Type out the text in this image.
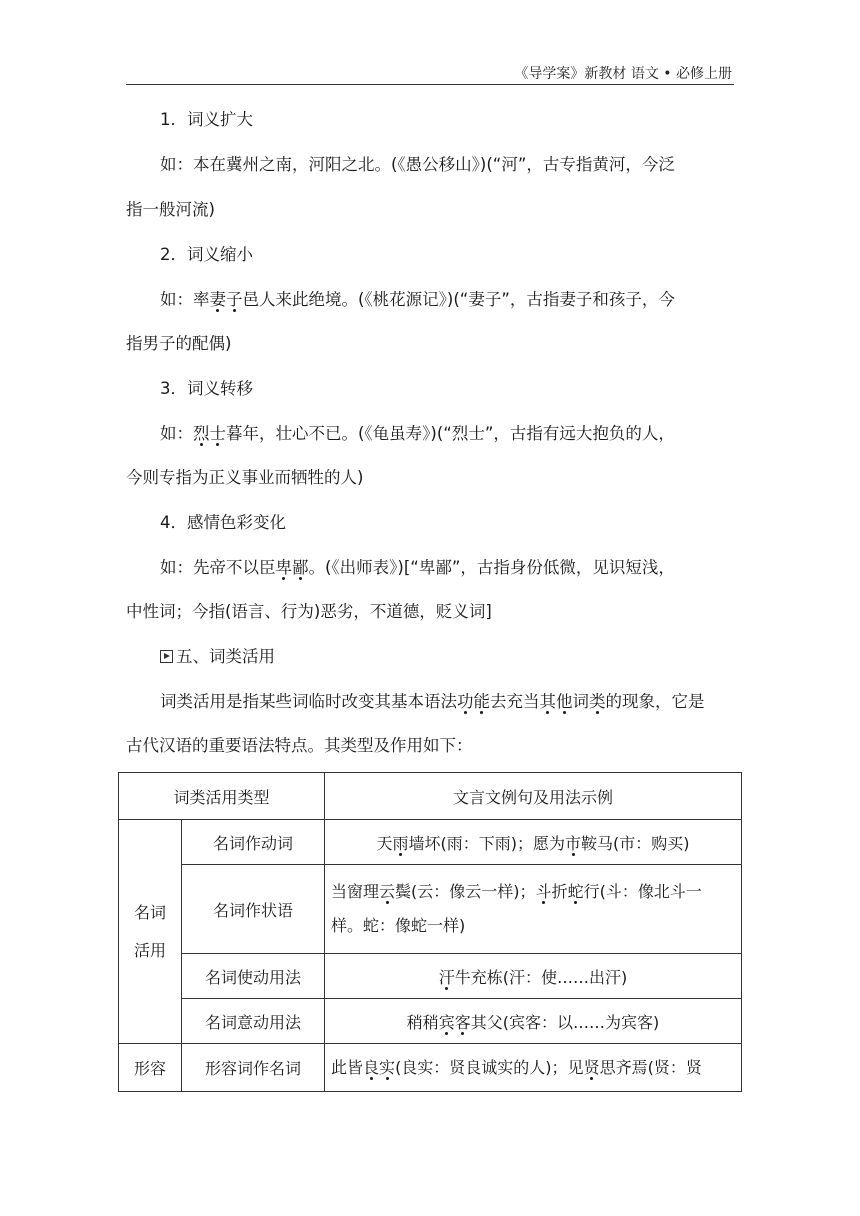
《导学案》新教材 语文 • 必修上册
1．词义扩大
如：本在冀州之南，河阳之北。(《愚公移山》)(“河”，古专指黄河，今泛
指一般河流)
2．词义缩小
如：率妻子邑人来此绝境。(《桃花源记》)(“妻子”，古指妻子和孩子，今
指男子的配偶)
3．词义转移
如：烈士暮年，壮心不已。(《龟虽寿》)(“烈士”，古指有远大抱负的人，
今则专指为正义事业而牺牲的人)
4．感情色彩变化
如：先帝不以臣卑鄙。(《出师表》)[“卑鄙”，古指身份低微，见识短浅，
中性词；今指(语言、行为)恶劣，不道德，贬义词]
五、词类活用
词类活用是指某些词临时改变其基本语法功能去充当其他词类的现象，它是
古代汉语的重要语法特点。其类型及作用如下：
词类活用类型		文言文例句及用法示例

名词
活用	名词作动词	天雨墙坏(雨：下雨)；愿为市鞍马(市：购买)
	名词作状语	当窗理云鬓(云：像云一样)；斗折蛇行(斗：像北斗一
样。蛇：像蛇一样)

	名词使动用法	汗牛充栋(汗：使……出汗)
	名词意动用法	稍稍宾客其父(宾客：以……为宾客)
形容	形容词作名词	此皆良实(良实：贤良诚实的人)；见贤思齐焉(贤：贤
